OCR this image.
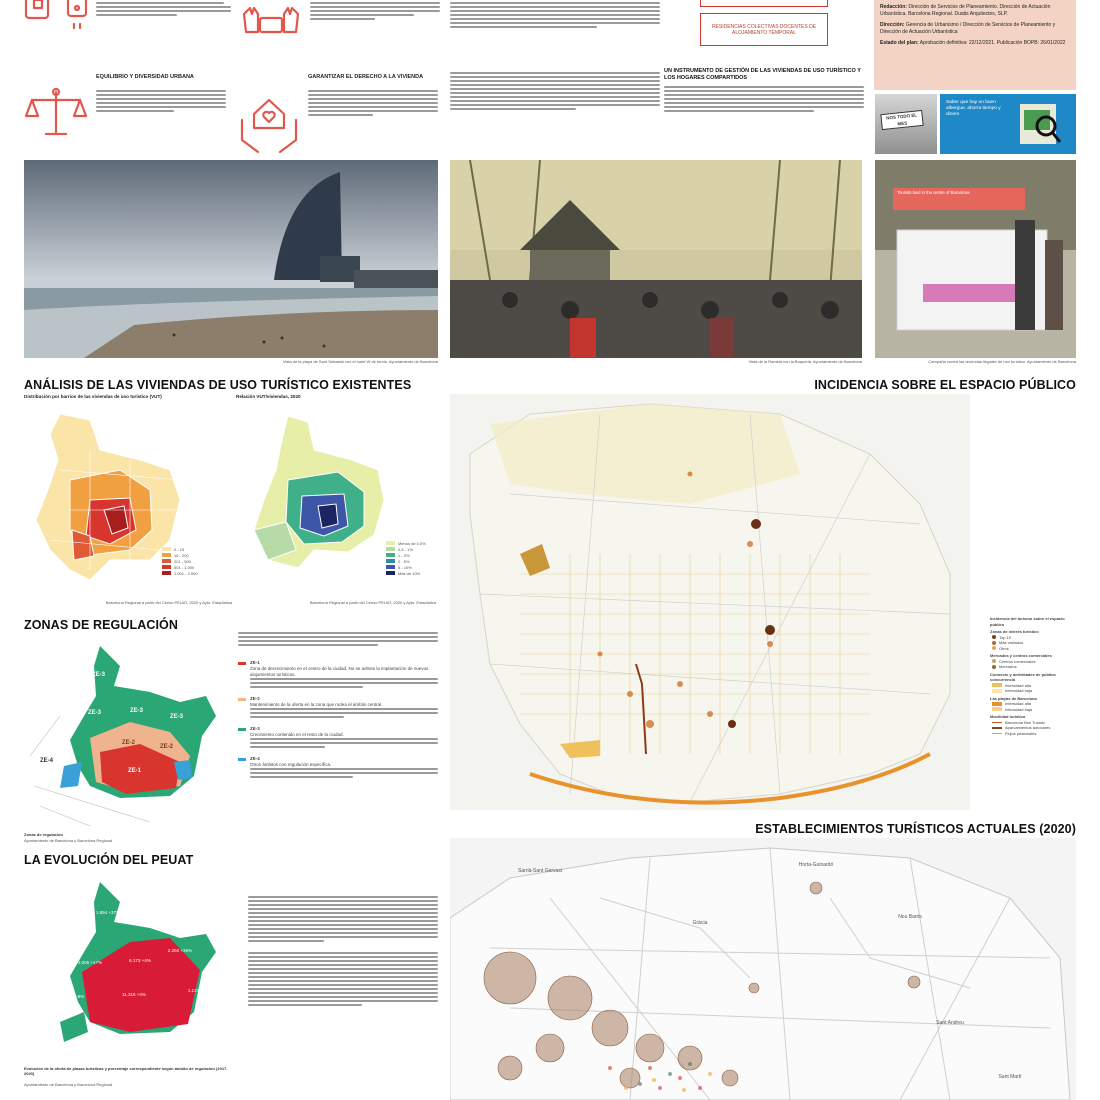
RESIDENCIAS COLECTIVAS DOCENTES DE ALOJAMIENTO TEMPORAL
UN INSTRUMENTO DE GESTIÓN DE LAS VIVIENDAS DE USO TURÍSTICO Y LOS HOGARES COMPARTIDOS
Redacción: Dirección de Servicios de Planeamiento. Dirección de Actuación Urbanística. Barcelona Regional. Duatis Arquitectes, SLP.
Dirección: Gerencia de Urbanismo / Dirección de Servicios de Planeamiento y Dirección de Actuación Urbanística
Estado del plan: Aprobación definitiva: 22/12/2021. Publicación BOPB: 26/01/2022
EQUILIBRIO Y DIVERSIDAD URBANA	GARANTIZAR EL DERECHO A LA VIVIENDA
NOS TODO EL MES
Saber que hay un buen albergue, ahorra tiempo y dinero
Vista de la playa de Sant Sebastià con el hotel W de fondo. Ayuntamiento de Barcelona	Vista de la Rambla con la Boqueria. Ayuntamiento de Barcelona
Tourists land in the centre of Barcelona
Campaña contra las viviendas ilegales de uso turístico. Ayuntamiento de Barcelona
ANÁLISIS DE LAS VIVIENDAS DE USO TURÍSTICO EXISTENTES
Distribución por barrios de las viviendas de uso turístico (VUT)	Relación VUT/viviendas, 2020
0 - 15
16 - 200
201 - 500
501 - 1.000
1.001 - 2.000
Barcelona Regional a partir del Censo PEUAT, 2020 y Ayto. Estadística
Menos de 0,5%
0,5 - 1%
1 - 2%
2 - 5%
5 - 10%
Más de 10%
Barcelona Regional a partir del Censo PEUAT, 2020 y Ayto. Estadística
ZONAS DE REGULACIÓN
ZE-3	ZE-3
ZE-3
ZE-2
ZE-2
ZE-1
ZE-4
ZE-3
Zonas de regulación
Ayuntamiento de Barcelona y Barcelona Regional
ZE-1
Zona de decrecimiento en el centro de la ciudad. No se admite la implantación de nuevos alojamientos turísticos.
ZE-2
Mantenimiento de la oferta en la zona que rodea el ámbito central.
ZE-3
Crecimiento contenido en el resto de la ciudad.
ZE-4
Otros ámbitos con regulación específica.
LA EVOLUCIÓN DEL PEUAT
1.894 +37%
2.005 +17%	6.173 +4%
2.250 +36%
11.316 +4%
2.073 -8%
1.123 +23%
Evolución de la oferta de plazas turísticas y porcentaje correspondiente según ámbito de regulación (2017-2020)
Ayuntamiento de Barcelona y Barcelona Regional
INCIDENCIA SOBRE EL ESPACIO PÚBLICO
Incidencia del turismo sobre el espacio público
Zonas de interés turístico
Top 10
Más visitados
Otros
Mercados y centros comerciales
Centros comerciales
Mercados
Comercio y actividades de pública concurrencia
Intensidad alta
Intensidad baja
Las playas de Barcelona
Intensidad alta
Intensidad baja
Movilidad turística
Barcelona Bus Turístic
Aparcamientos autocares
Flujos peatonales
ESTABLECIMIENTOS TURÍSTICOS ACTUALES (2020)
Sarrià-Sant Gervasi
Horta-Guinardó
Nou Barris
Sant Andreu
Gràcia
Sant Martí
